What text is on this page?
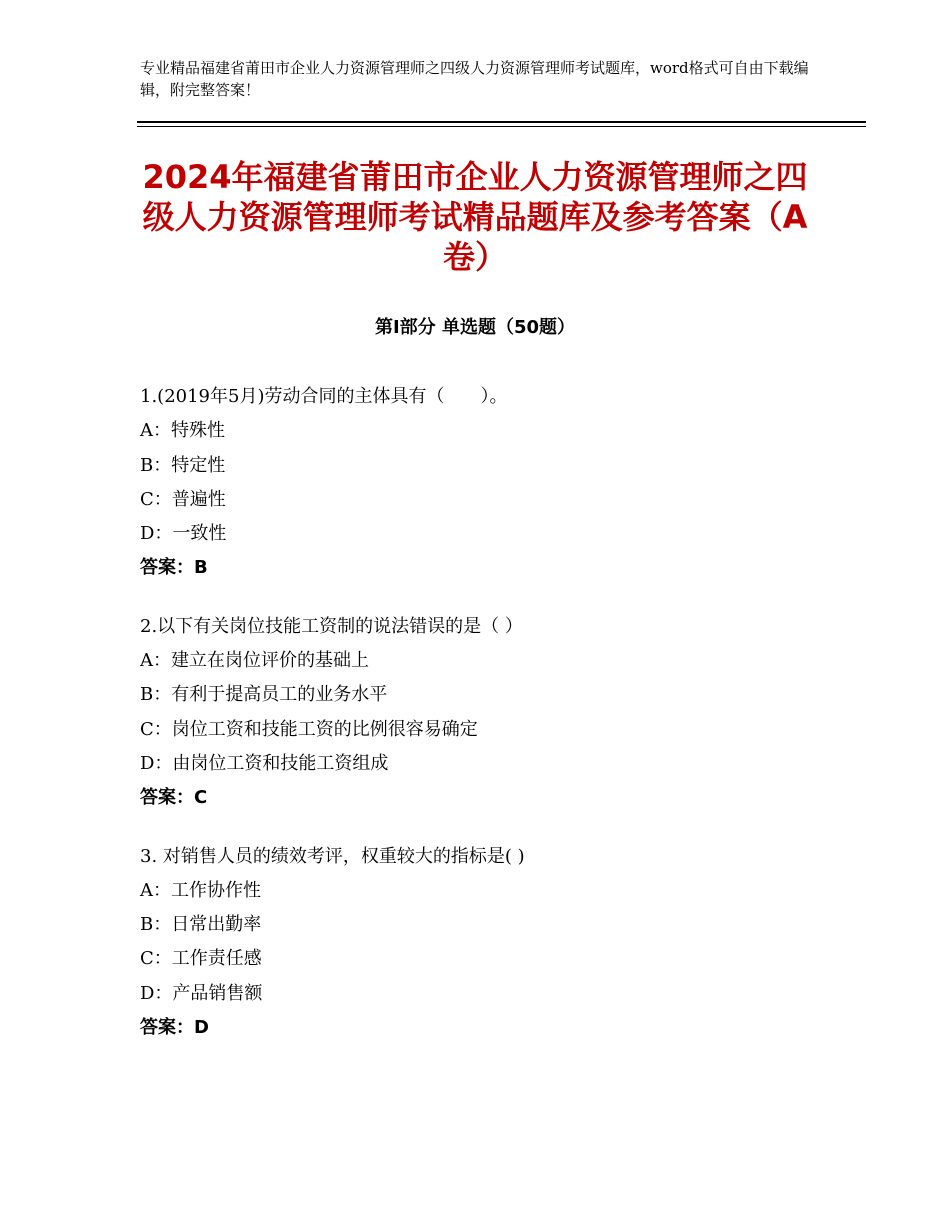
专业精品福建省莆田市企业人力资源管理师之四级人力资源管理师考试题库，word格式可自由下载编辑，附完整答案！
2024年福建省莆田市企业人力资源管理师之四级人力资源管理师考试精品题库及参考答案（A卷）
第Ⅰ部分 单选题（50题）
1.(2019年5月)劳动合同的主体具有（　　）。
A：特殊性
B：特定性
C：普遍性
D：一致性
答案：B
2.以下有关岗位技能工资制的说法错误的是（ ）
A：建立在岗位评价的基础上
B：有利于提高员工的业务水平
C：岗位工资和技能工资的比例很容易确定
D：由岗位工资和技能工资组成
答案：C
3. 对销售人员的绩效考评，权重较大的指标是( )
A：工作协作性
B：日常出勤率
C：工作责任感
D：产品销售额
答案：D
